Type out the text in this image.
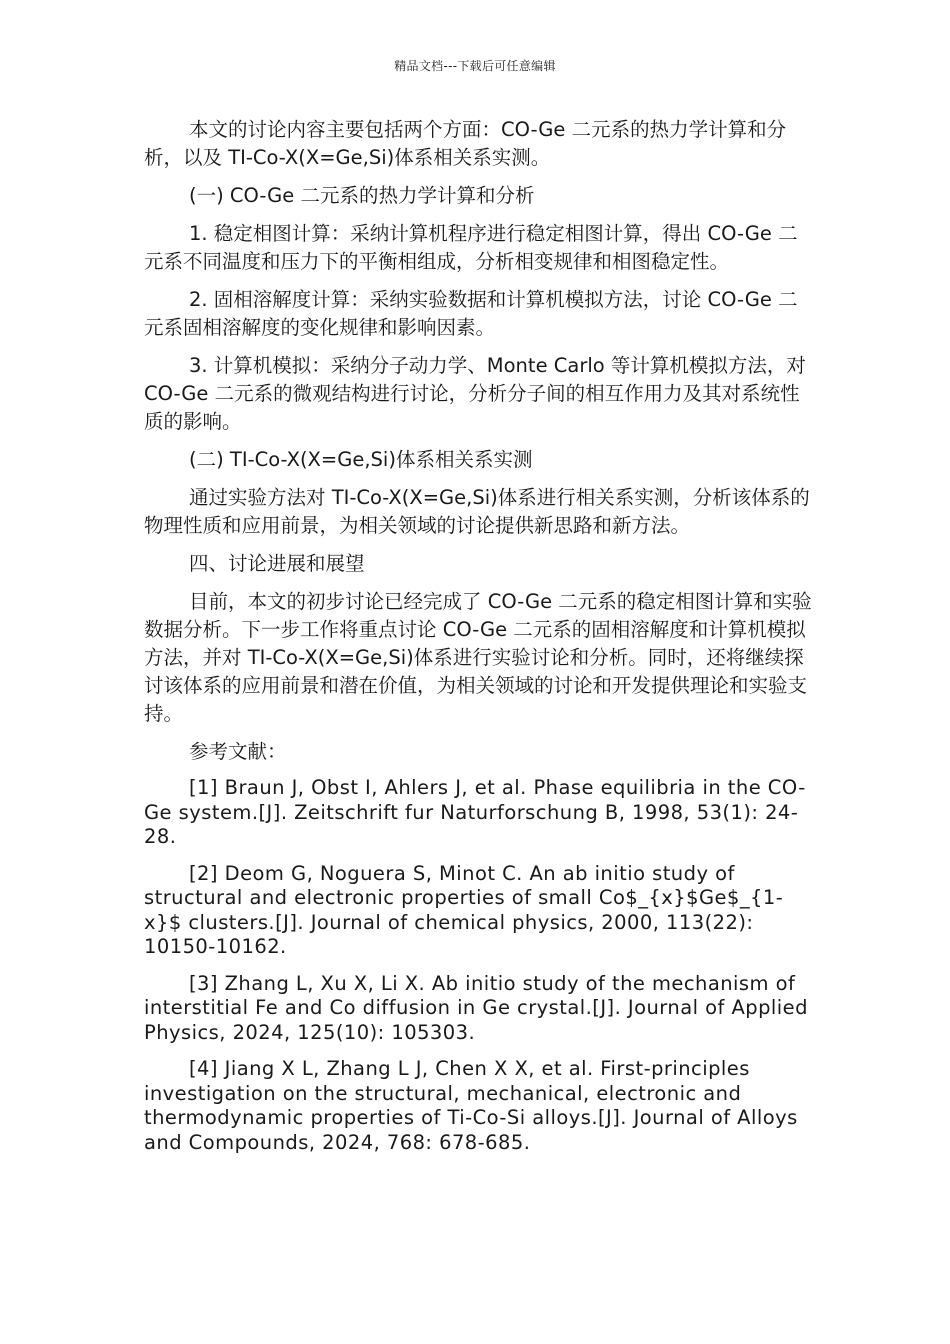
精品文档---下载后可任意编辑

本文的讨论内容主要包括两个方面：CO-Ge 二元系的热力学计算和分析，以及 TI-Co-X(X=Ge,Si)体系相关系实测。

(一) CO-Ge 二元系的热力学计算和分析

1. 稳定相图计算：采纳计算机程序进行稳定相图计算，得出 CO-Ge 二元系不同温度和压力下的平衡相组成，分析相变规律和相图稳定性。

2. 固相溶解度计算：采纳实验数据和计算机模拟方法，讨论 CO-Ge 二元系固相溶解度的变化规律和影响因素。

3. 计算机模拟：采纳分子动力学、Monte Carlo 等计算机模拟方法，对 CO-Ge 二元系的微观结构进行讨论，分析分子间的相互作用力及其对系统性质的影响。

(二) TI-Co-X(X=Ge,Si)体系相关系实测

通过实验方法对 TI-Co-X(X=Ge,Si)体系进行相关系实测，分析该体系的物理性质和应用前景，为相关领域的讨论提供新思路和新方法。

四、讨论进展和展望

目前，本文的初步讨论已经完成了 CO-Ge 二元系的稳定相图计算和实验数据分析。下一步工作将重点讨论 CO-Ge 二元系的固相溶解度和计算机模拟方法，并对 TI-Co-X(X=Ge,Si)体系进行实验讨论和分析。同时，还将继续探讨该体系的应用前景和潜在价值，为相关领域的讨论和开发提供理论和实验支持。

参考文献：

[1] Braun J, Obst I, Ahlers J, et al. Phase equilibria in the CO-Ge system.[J]. Zeitschrift fur Naturforschung B, 1998, 53(1): 24-28.

[2] Deom G, Noguera S, Minot C. An ab initio study of structural and electronic properties of small Co$_{x}$Ge$_{1-x}$ clusters.[J]. Journal of chemical physics, 2000, 113(22): 10150-10162.

[3] Zhang L, Xu X, Li X. Ab initio study of the mechanism of interstitial Fe and Co diffusion in Ge crystal.[J]. Journal of Applied Physics, 2024, 125(10): 105303.

[4] Jiang X L, Zhang L J, Chen X X, et al. First-principles investigation on the structural, mechanical, electronic and thermodynamic properties of Ti-Co-Si alloys.[J]. Journal of Alloys and Compounds, 2024, 768: 678-685.
